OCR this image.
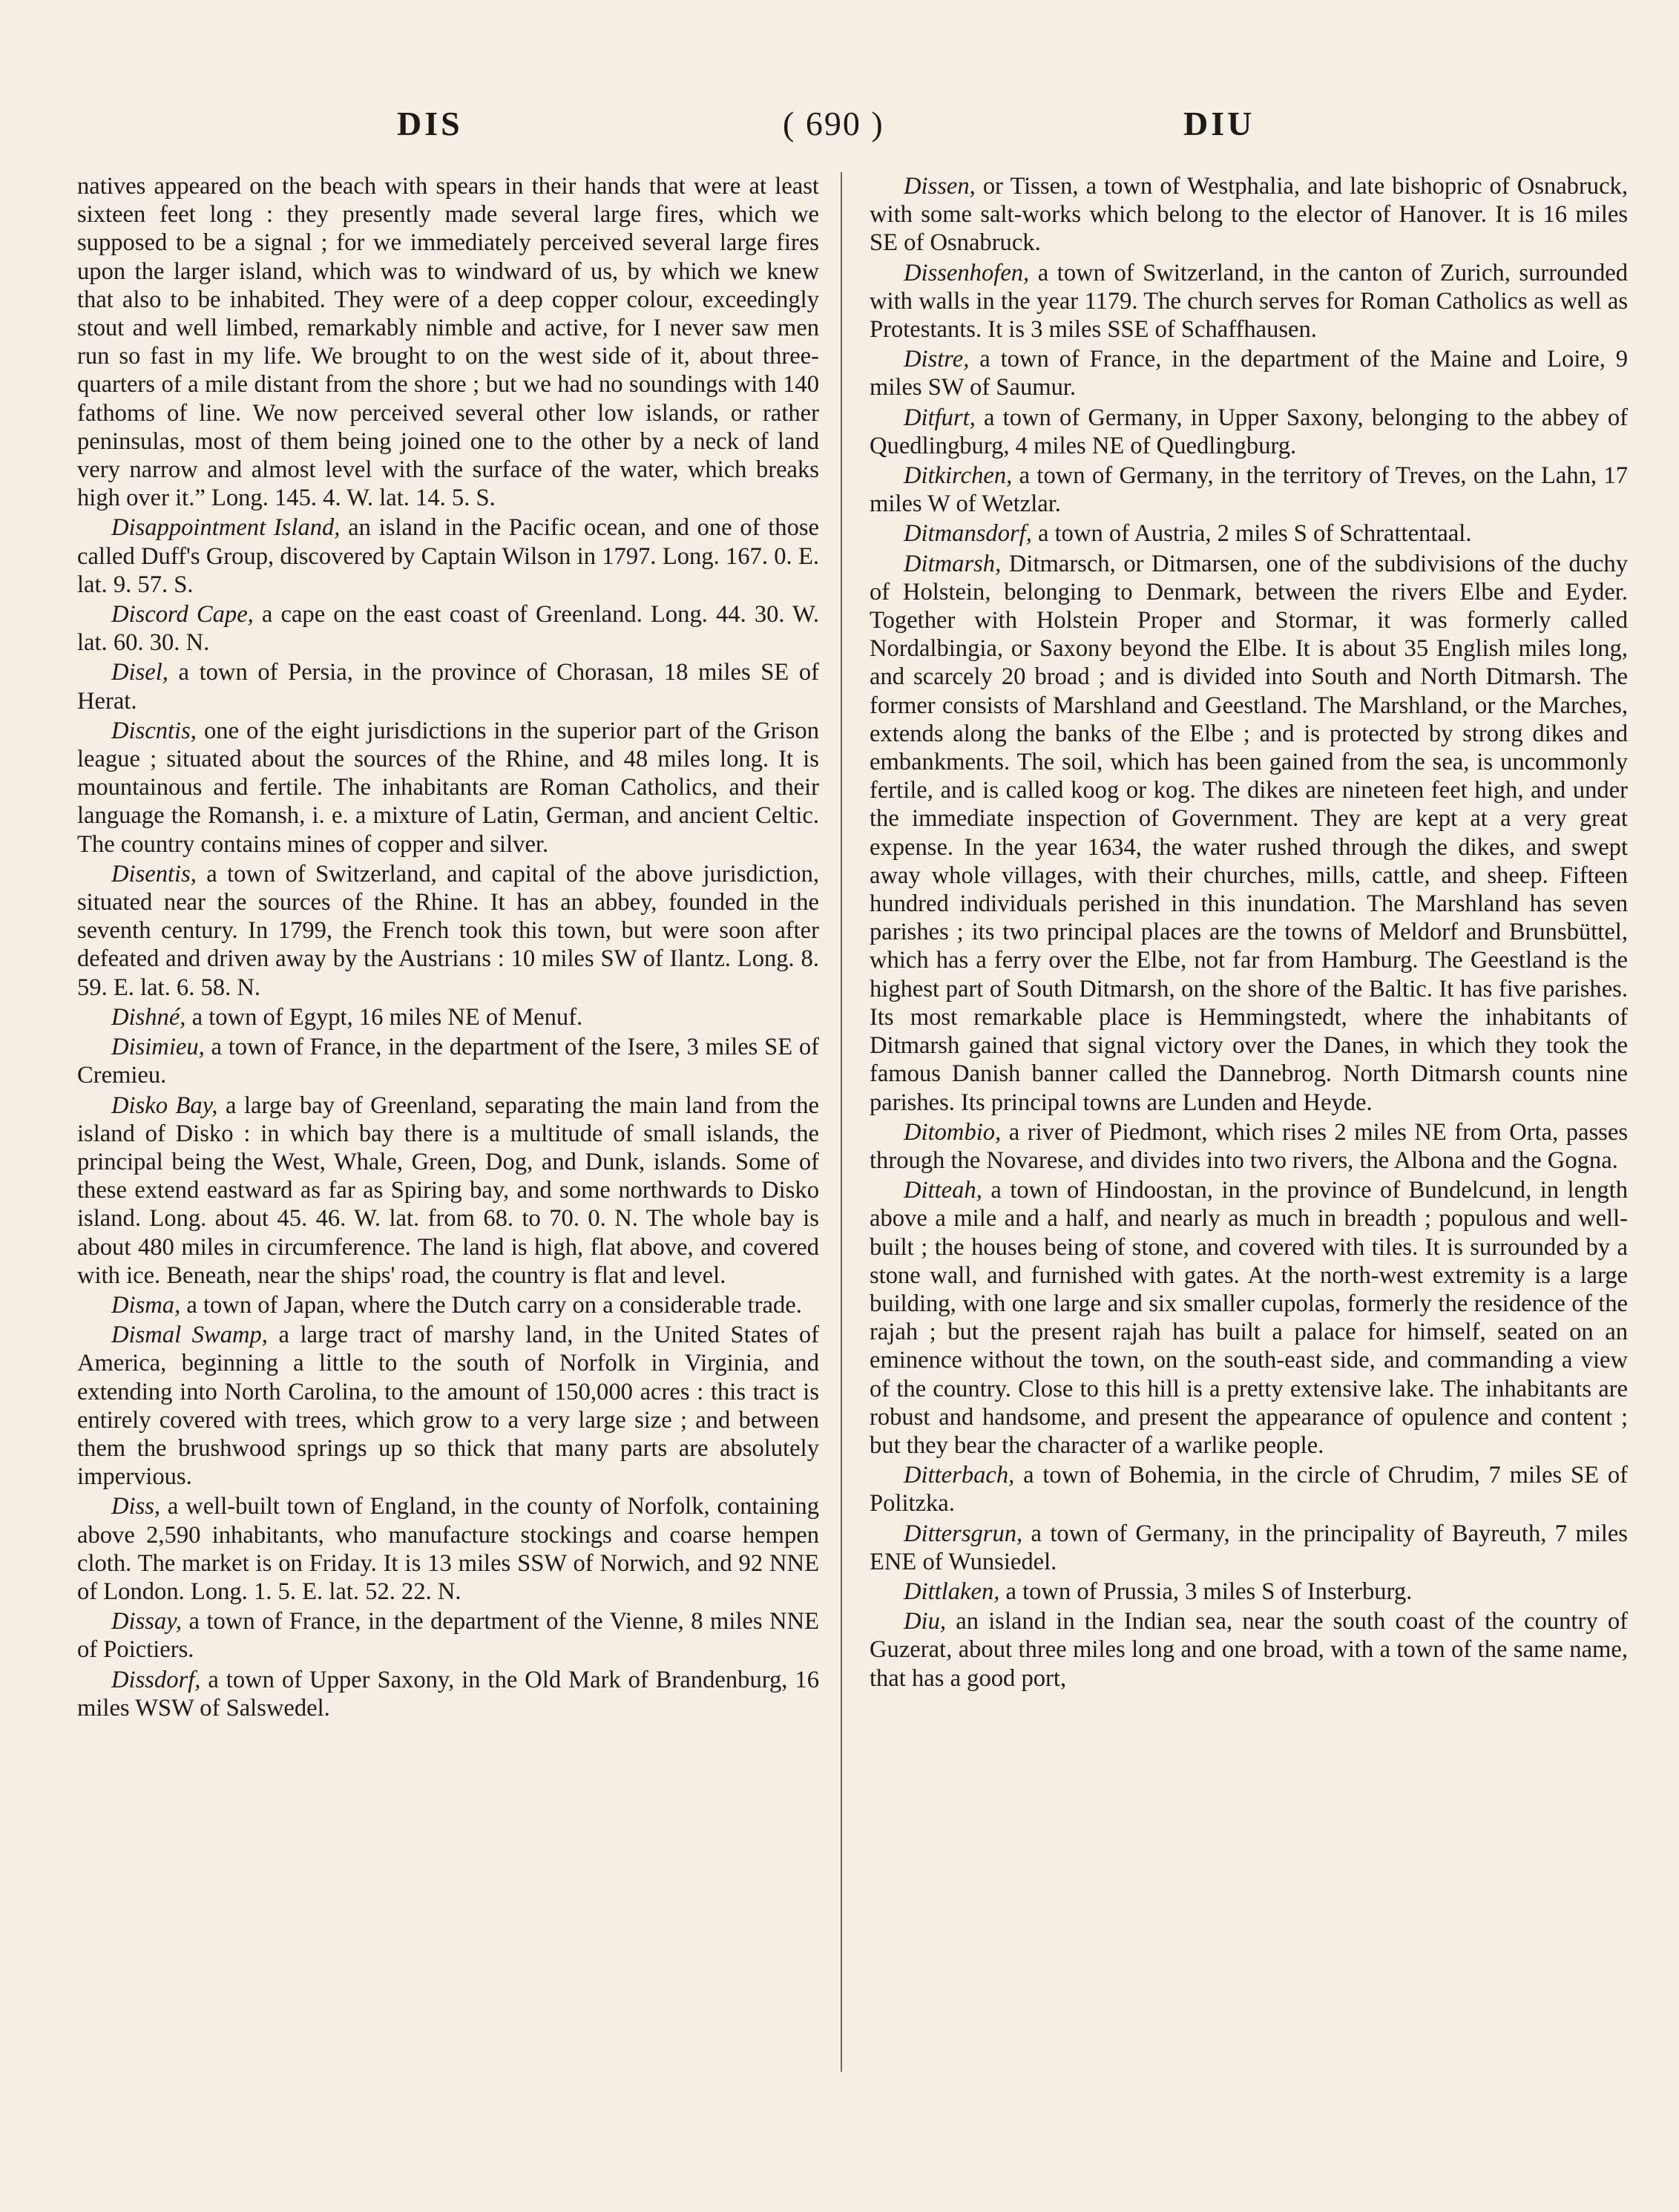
DIS	( 690 )	DIU

natives appeared on the beach with spears in their hands that were at least sixteen feet long : they presently made several large fires, which we supposed to be a signal ; for we immediately perceived several large fires upon the larger island, which was to windward of us, by which we knew that also to be inhabited. They were of a deep copper colour, exceedingly stout and well limbed, remarkably nimble and active, for I never saw men run so fast in my life. We brought to on the west side of it, about three-quarters of a mile distant from the shore ; but we had no soundings with 140 fathoms of line. We now perceived several other low islands, or rather peninsulas, most of them being joined one to the other by a neck of land very narrow and almost level with the surface of the water, which breaks high over it.” Long. 145. 4. W. lat. 14. 5. S.

Disappointment Island, an island in the Pacific ocean, and one of those called Duff's Group, discovered by Captain Wilson in 1797. Long. 167. 0. E. lat. 9. 57. S.

Discord Cape, a cape on the east coast of Greenland. Long. 44. 30. W. lat. 60. 30. N.

Disel, a town of Persia, in the province of Chorasan, 18 miles SE of Herat.

Discntis, one of the eight jurisdictions in the superior part of the Grison league ; situated about the sources of the Rhine, and 48 miles long. It is mountainous and fertile. The inhabitants are Roman Catholics, and their language the Romansh, i. e. a mixture of Latin, German, and ancient Celtic. The country contains mines of copper and silver.

Disentis, a town of Switzerland, and capital of the above jurisdiction, situated near the sources of the Rhine. It has an abbey, founded in the seventh century. In 1799, the French took this town, but were soon after defeated and driven away by the Austrians : 10 miles SW of Ilantz. Long. 8. 59. E. lat. 6. 58. N.

Dishné, a town of Egypt, 16 miles NE of Menuf.

Disimieu, a town of France, in the department of the Isere, 3 miles SE of Cremieu.

Disko Bay, a large bay of Greenland, separating the main land from the island of Disko : in which bay there is a multitude of small islands, the principal being the West, Whale, Green, Dog, and Dunk, islands. Some of these extend eastward as far as Spiring bay, and some northwards to Disko island. Long. about 45. 46. W. lat. from 68. to 70. 0. N. The whole bay is about 480 miles in circumference. The land is high, flat above, and covered with ice. Beneath, near the ships' road, the country is flat and level.

Disma, a town of Japan, where the Dutch carry on a considerable trade.

Dismal Swamp, a large tract of marshy land, in the United States of America, beginning a little to the south of Norfolk in Virginia, and extending into North Carolina, to the amount of 150,000 acres : this tract is entirely covered with trees, which grow to a very large size ; and between them the brushwood springs up so thick that many parts are absolutely impervious.

Diss, a well-built town of England, in the county of Norfolk, containing above 2,590 inhabitants, who manufacture stockings and coarse hempen cloth. The market is on Friday. It is 13 miles SSW of Norwich, and 92 NNE of London. Long. 1. 5. E. lat. 52. 22. N.

Dissay, a town of France, in the department of the Vienne, 8 miles NNE of Poictiers.

Dissdorf, a town of Upper Saxony, in the Old Mark of Brandenburg, 16 miles WSW of Salswedel.

Dissen, or Tissen, a town of Westphalia, and late bishopric of Osnabruck, with some salt-works which belong to the elector of Hanover. It is 16 miles SE of Osnabruck.

Dissenhofen, a town of Switzerland, in the canton of Zurich, surrounded with walls in the year 1179. The church serves for Roman Catholics as well as Protestants. It is 3 miles SSE of Schaffhausen.

Distre, a town of France, in the department of the Maine and Loire, 9 miles SW of Saumur.

Ditfurt, a town of Germany, in Upper Saxony, belonging to the abbey of Quedlingburg, 4 miles NE of Quedlingburg.

Ditkirchen, a town of Germany, in the territory of Treves, on the Lahn, 17 miles W of Wetzlar.

Ditmansdorf, a town of Austria, 2 miles S of Schrattentaal.

Ditmarsh, Ditmarsch, or Ditmarsen, one of the subdivisions of the duchy of Holstein, belonging to Denmark, between the rivers Elbe and Eyder. Together with Holstein Proper and Stormar, it was formerly called Nordalbingia, or Saxony beyond the Elbe. It is about 35 English miles long, and scarcely 20 broad ; and is divided into South and North Ditmarsh. The former consists of Marshland and Geestland. The Marshland, or the Marches, extends along the banks of the Elbe ; and is protected by strong dikes and embankments. The soil, which has been gained from the sea, is uncommonly fertile, and is called koog or kog. The dikes are nineteen feet high, and under the immediate inspection of Government. They are kept at a very great expense. In the year 1634, the water rushed through the dikes, and swept away whole villages, with their churches, mills, cattle, and sheep. Fifteen hundred individuals perished in this inundation. The Marshland has seven parishes ; its two principal places are the towns of Meldorf and Brunsbüttel, which has a ferry over the Elbe, not far from Hamburg. The Geestland is the highest part of South Ditmarsh, on the shore of the Baltic. It has five parishes. Its most remarkable place is Hemmingstedt, where the inhabitants of Ditmarsh gained that signal victory over the Danes, in which they took the famous Danish banner called the Dannebrog. North Ditmarsh counts nine parishes. Its principal towns are Lunden and Heyde.

Ditombio, a river of Piedmont, which rises 2 miles NE from Orta, passes through the Novarese, and divides into two rivers, the Albona and the Gogna.

Ditteah, a town of Hindoostan, in the province of Bundelcund, in length above a mile and a half, and nearly as much in breadth ; populous and well-built ; the houses being of stone, and covered with tiles. It is surrounded by a stone wall, and furnished with gates. At the north-west extremity is a large building, with one large and six smaller cupolas, formerly the residence of the rajah ; but the present rajah has built a palace for himself, seated on an eminence without the town, on the south-east side, and commanding a view of the country. Close to this hill is a pretty extensive lake. The inhabitants are robust and handsome, and present the appearance of opulence and content ; but they bear the character of a warlike people.

Ditterbach, a town of Bohemia, in the circle of Chrudim, 7 miles SE of Politzka.

Dittersgrun, a town of Germany, in the principality of Bayreuth, 7 miles ENE of Wunsiedel.

Dittlaken, a town of Prussia, 3 miles S of Insterburg.

Diu, an island in the Indian sea, near the south coast of the country of Guzerat, about three miles long and one broad, with a town of the same name, that has a good port,
